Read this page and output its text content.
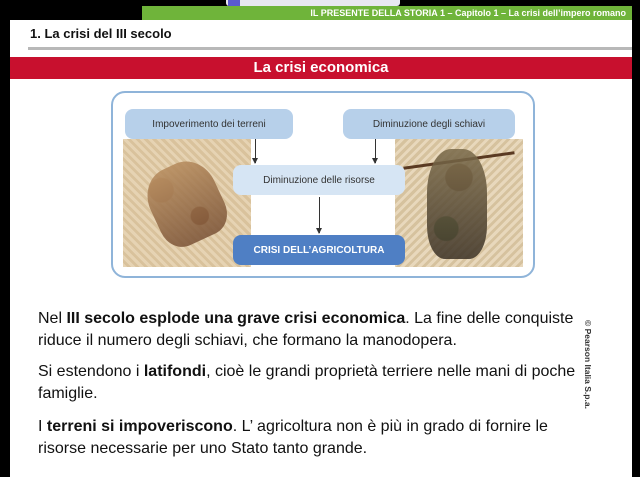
IL PRESENTE DELLA STORIA 1 – Capitolo 1 – La crisi dell’impero romano
1. La crisi del III secolo
La crisi economica
Impoverimento dei terreni	Diminuzione degli schiavi
Diminuzione delle risorse
CRISI DELL’AGRICOLTURA
Nel III secolo esplode una grave crisi economica. La fine delle conquiste riduce il numero degli schiavi, che formano la manodopera.
Si estendono i latifondi, cioè le grandi proprietà terriere nelle mani di poche famiglie.
I terreni si impoveriscono. L’ agricoltura non è più in grado di fornire le risorse necessarie per uno Stato tanto grande.
© Pearson Italia S.p.a.
